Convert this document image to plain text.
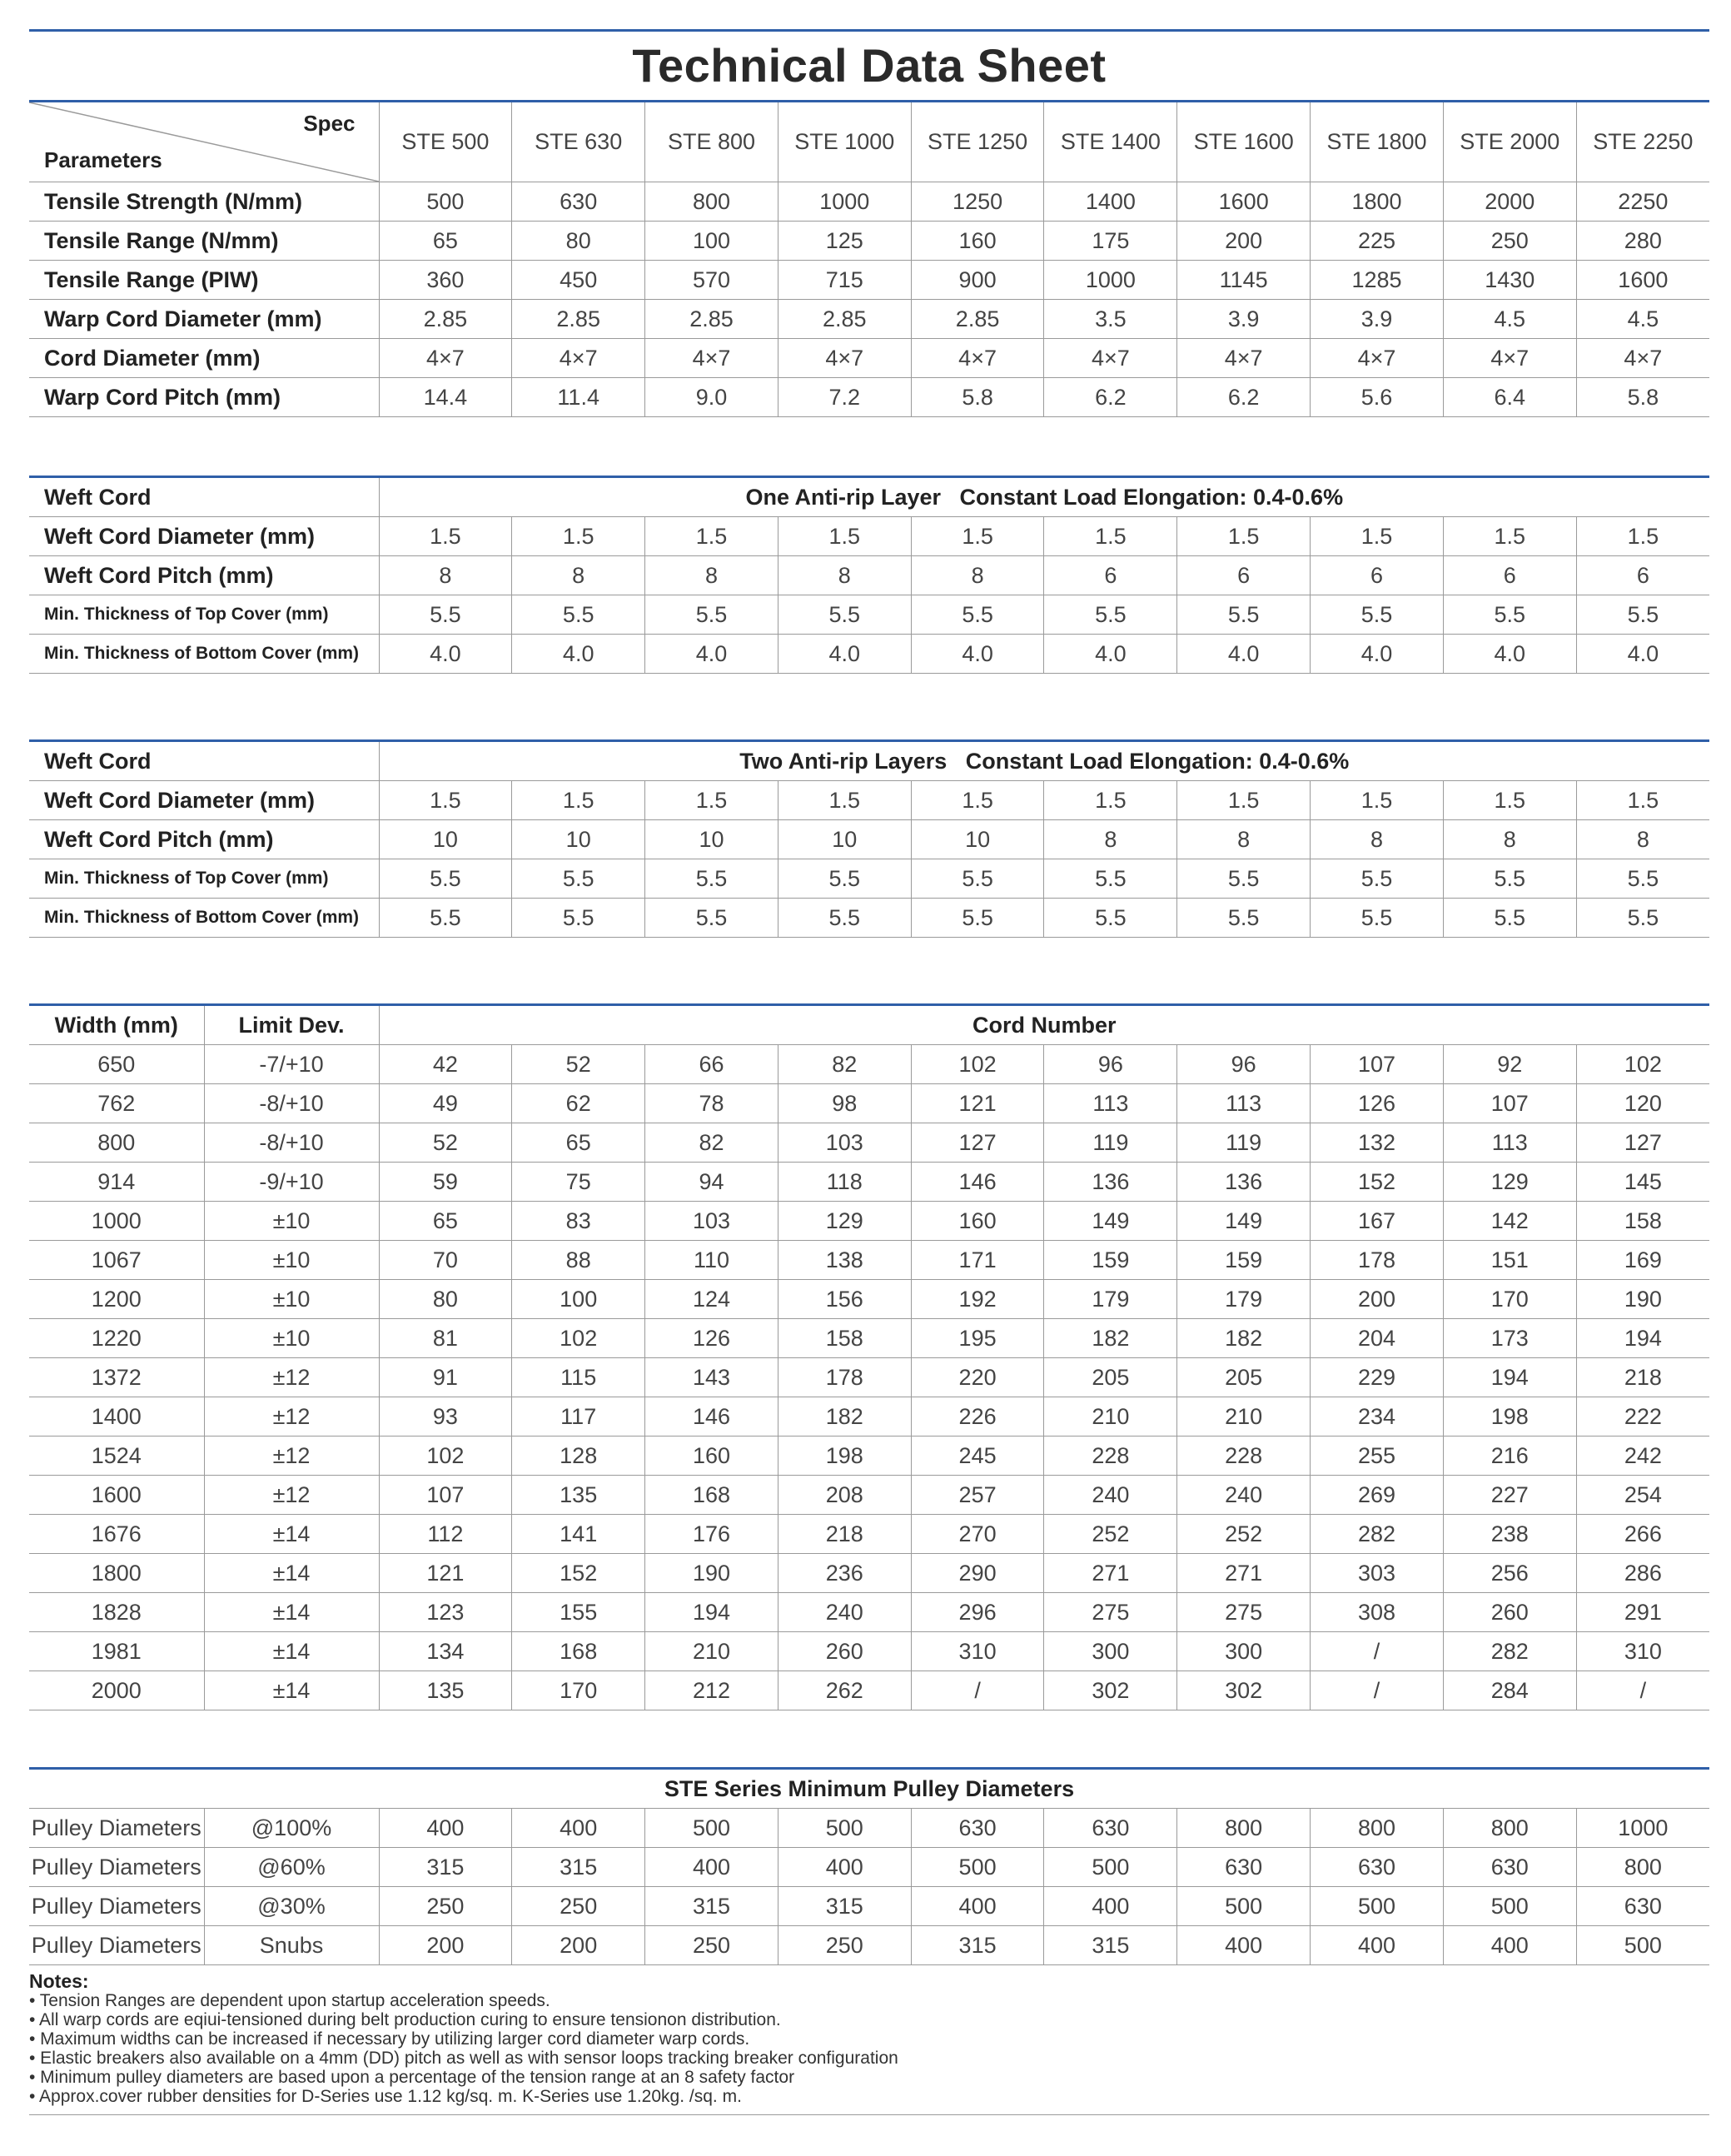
Technical Data Sheet
Spec
Parameters	STE 500	STE 630	STE 800	STE 1000	STE 1250	STE 1400	STE 1600	STE 1800	STE 2000	STE 2250
Tensile Strength (N/mm)	500	630	800	1000	1250	1400	1600	1800	2000	2250
Tensile Range (N/mm)	65	80	100	125	160	175	200	225	250	280
Tensile Range (PIW)	360	450	570	715	900	1000	1145	1285	1430	1600
Warp Cord Diameter (mm)	2.85	2.85	2.85	2.85	2.85	3.5	3.9	3.9	4.5	4.5
Cord Diameter (mm)	4×7	4×7	4×7	4×7	4×7	4×7	4×7	4×7	4×7	4×7
Warp Cord Pitch (mm)	14.4	11.4	9.0	7.2	5.8	6.2	6.2	5.6	6.4	5.8
Weft Cord	One Anti-rip Layer   Constant Load Elongation: 0.4-0.6%									
Weft Cord Diameter (mm)	1.5	1.5	1.5	1.5	1.5	1.5	1.5	1.5	1.5	1.5
Weft Cord Pitch (mm)	8	8	8	8	8	6	6	6	6	6
Min. Thickness of Top Cover (mm)	5.5	5.5	5.5	5.5	5.5	5.5	5.5	5.5	5.5	5.5
Min. Thickness of Bottom Cover (mm)	4.0	4.0	4.0	4.0	4.0	4.0	4.0	4.0	4.0	4.0
Weft Cord	Two Anti-rip Layers   Constant Load Elongation: 0.4-0.6%									
Weft Cord Diameter (mm)	1.5	1.5	1.5	1.5	1.5	1.5	1.5	1.5	1.5	1.5
Weft Cord Pitch (mm)	10	10	10	10	10	8	8	8	8	8
Min. Thickness of Top Cover (mm)	5.5	5.5	5.5	5.5	5.5	5.5	5.5	5.5	5.5	5.5
Min. Thickness of Bottom Cover (mm)	5.5	5.5	5.5	5.5	5.5	5.5	5.5	5.5	5.5	5.5
Width (mm)	Limit Dev.	Cord Number									
650	-7/+10	42	52	66	82	102	96	96	107	92	102
762	-8/+10	49	62	78	98	121	113	113	126	107	120
800	-8/+10	52	65	82	103	127	119	119	132	113	127
914	-9/+10	59	75	94	118	146	136	136	152	129	145
1000	±10	65	83	103	129	160	149	149	167	142	158
1067	±10	70	88	110	138	171	159	159	178	151	169
1200	±10	80	100	124	156	192	179	179	200	170	190
1220	±10	81	102	126	158	195	182	182	204	173	194
1372	±12	91	115	143	178	220	205	205	229	194	218
1400	±12	93	117	146	182	226	210	210	234	198	222
1524	±12	102	128	160	198	245	228	228	255	216	242
1600	±12	107	135	168	208	257	240	240	269	227	254
1676	±14	112	141	176	218	270	252	252	282	238	266
1800	±14	121	152	190	236	290	271	271	303	256	286
1828	±14	123	155	194	240	296	275	275	308	260	291
1981	±14	134	168	210	260	310	300	300	/	282	310
2000	±14	135	170	212	262	/	302	302	/	284	/
STE Series Minimum Pulley Diameters											
Pulley Diameters	@100%	400	400	500	500	630	630	800	800	800	1000
Pulley Diameters	@60%	315	315	400	400	500	500	630	630	630	800
Pulley Diameters	@30%	250	250	315	315	400	400	500	500	500	630
Pulley Diameters	Snubs	200	200	250	250	315	315	400	400	400	500
Notes:
• Tension Ranges are dependent upon startup acceleration speeds.
• All warp cords are eqiui-tensioned during belt production curing to ensure tensionon distribution.
• Maximum widths can be increased if necessary by utilizing larger cord diameter warp cords.
• Elastic breakers also available on a 4mm (DD) pitch as well as with sensor loops tracking breaker configuration
• Minimum pulley diameters are based upon a percentage of the tension range at an 8 safety factor
• Approx.cover rubber densities for D-Series use 1.12 kg/sq. m. K-Series use 1.20kg. /sq. m.
